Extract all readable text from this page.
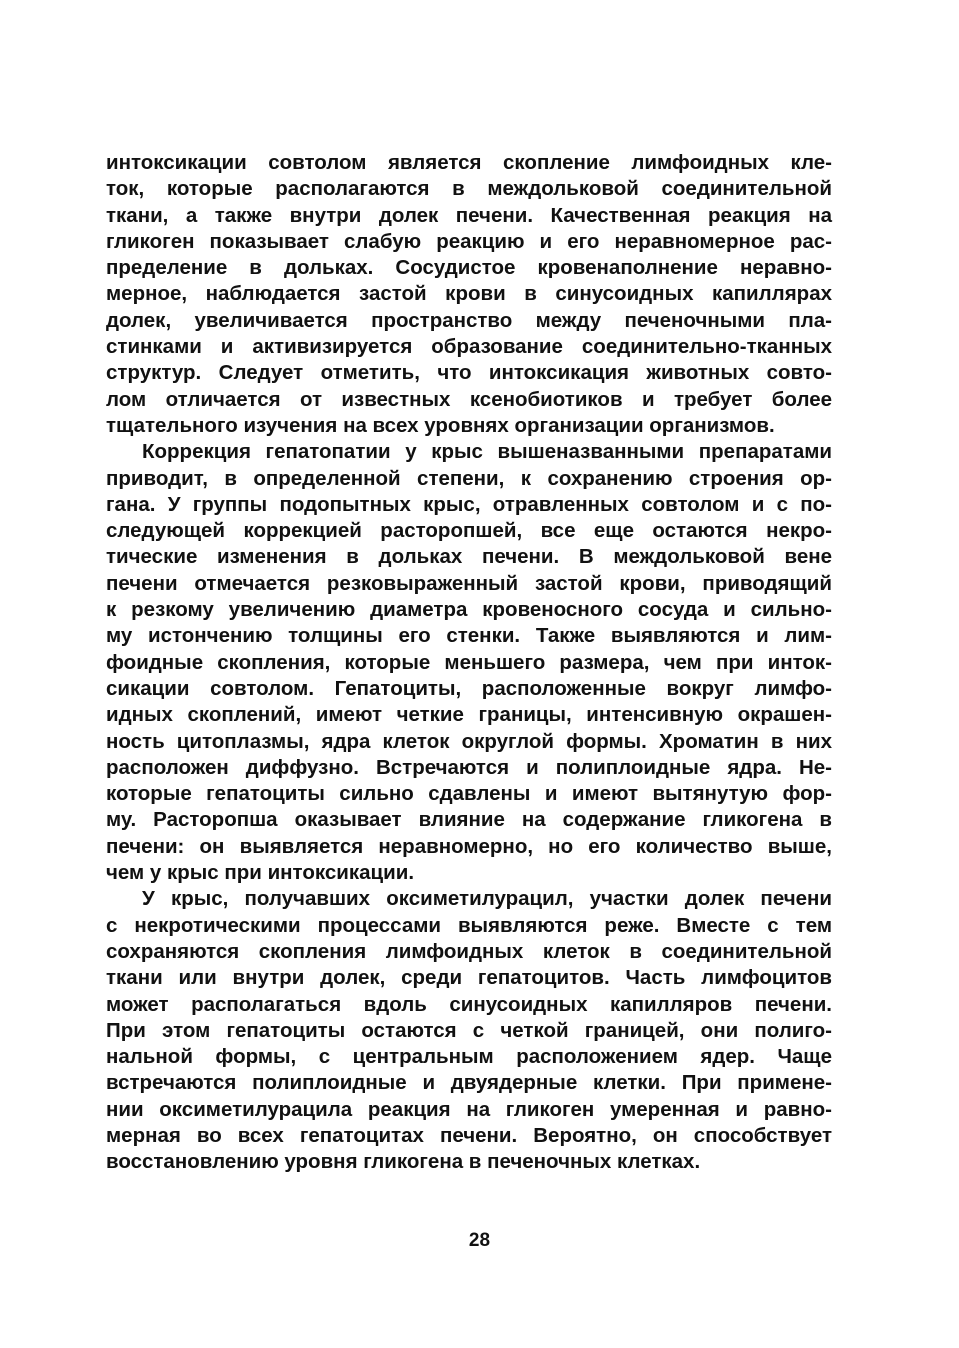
интоксикации совтолом является скопление лимфоидных кле-
ток, которые располагаются в междольковой соединительной
ткани, а также внутри долек печени. Качественная реакция на
гликоген показывает слабую реакцию и его неравномерное рас-
пределение в дольках. Сосудистое кровенаполнение неравно-
мерное, наблюдается застой крови в синусоидных капиллярах
долек, увеличивается пространство между печеночными пла-
стинками и активизируется образование соединительно-тканных
структур. Следует отметить, что интоксикация животных совто-
лом отличается от известных ксенобиотиков и требует более
тщательного изучения на всех уровнях организации организмов.
Коррекция гепатопатии у крыс вышеназванными препаратами
приводит, в определенной степени, к сохранению строения ор-
гана. У группы подопытных крыс, отравленных совтолом и с по-
следующей коррекцией расторопшей, все еще остаются некро-
тические изменения в дольках печени. В междольковой вене
печени отмечается резковыраженный застой крови, приводящий
к резкому увеличению диаметра кровеносного сосуда и сильно-
му истончению толщины его стенки. Также выявляются и лим-
фоидные скопления, которые меньшего размера, чем при инток-
сикации совтолом. Гепатоциты, расположенные вокруг лимфо-
идных скоплений, имеют четкие границы, интенсивную окрашен-
ность цитоплазмы, ядра клеток округлой формы. Хроматин в них
расположен диффузно. Встречаются и полиплоидные ядра. Не-
которые гепатоциты сильно сдавлены и имеют вытянутую фор-
му. Расторопша оказывает влияние на содержание гликогена в
печени: он выявляется неравномерно, но его количество выше,
чем у крыс при интоксикации.
У крыс, получавших оксиметилурацил, участки долек печени
с некротическими процессами выявляются реже. Вместе с тем
сохраняются скопления лимфоидных клеток в соединительной
ткани или внутри долек, среди гепатоцитов. Часть лимфоцитов
может располагаться вдоль синусоидных капилляров печени.
При этом гепатоциты остаются с четкой границей, они полиго-
нальной формы, с центральным расположением ядер. Чаще
встречаются полиплоидные и двуядерные клетки. При примене-
нии оксиметилурацила реакция на гликоген умеренная и равно-
мерная во всех гепатоцитах печени. Вероятно, он способствует
восстановлению уровня гликогена в печеночных клетках.
28
